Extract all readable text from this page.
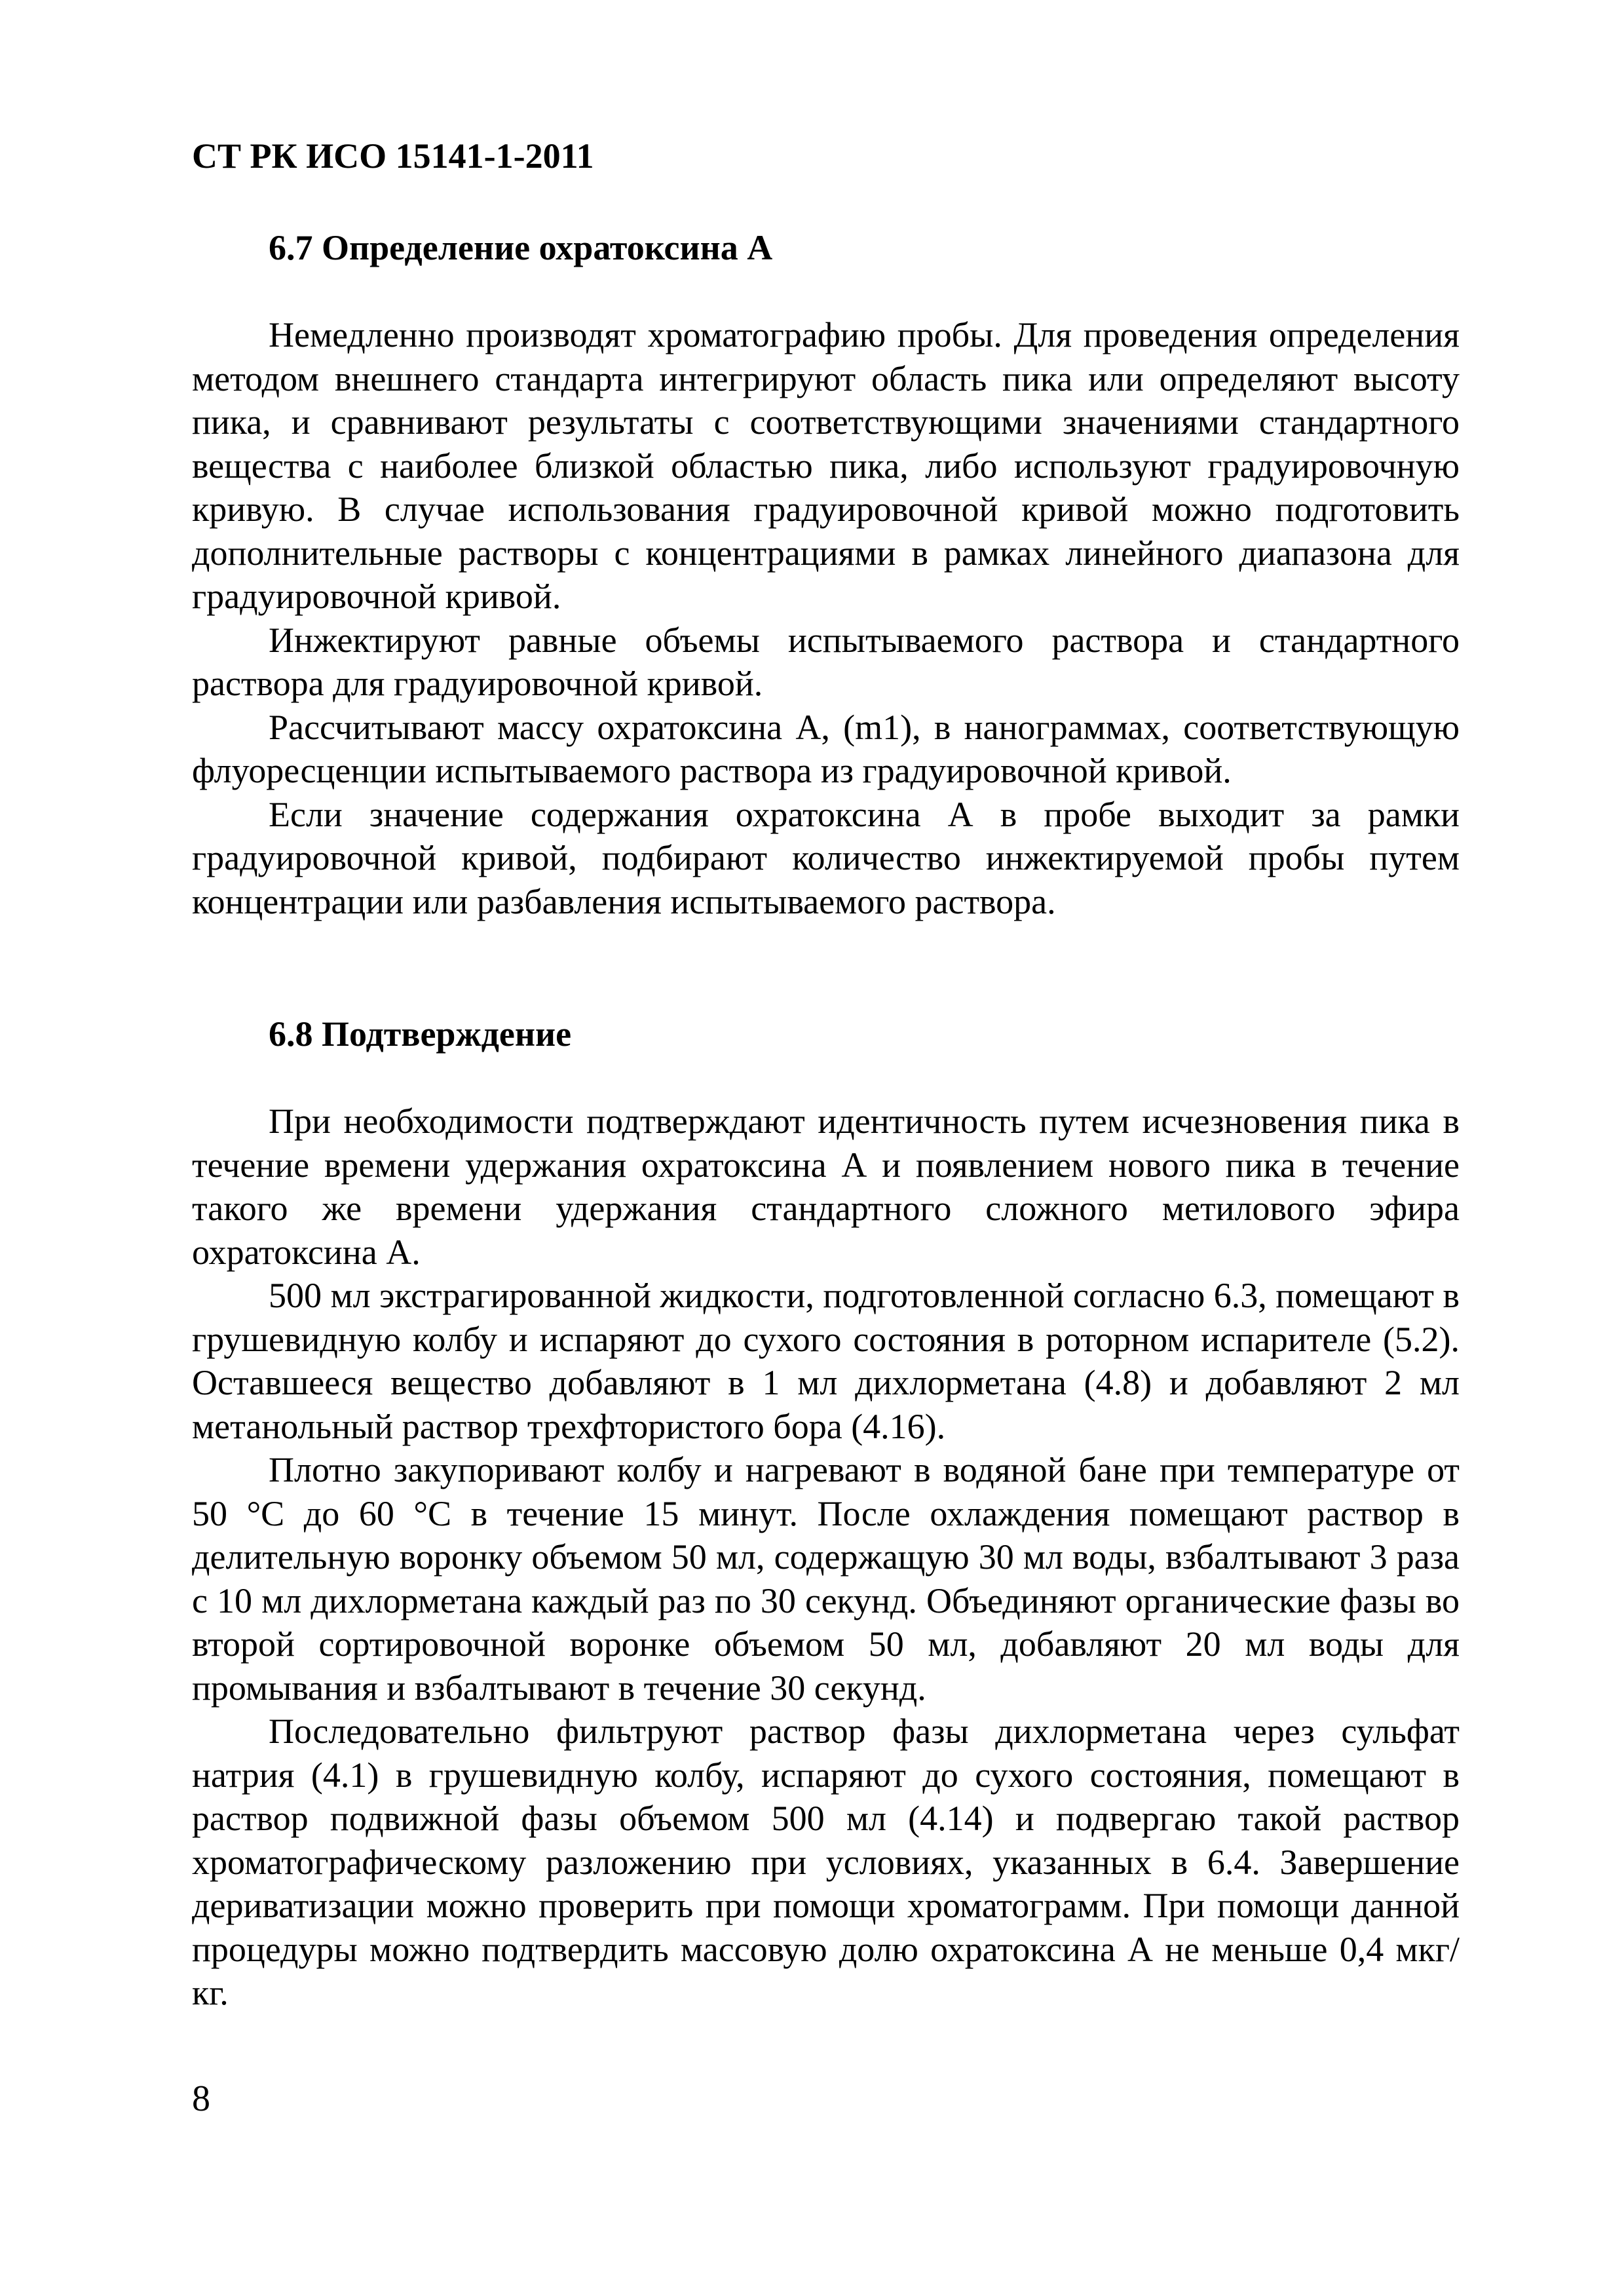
СТ РК ИСО 15141-1-2011
6.7 Определение охратоксина А

Немедленно производят хроматографию пробы. Для проведения определения методом внешнего стандарта интегрируют область пика или определяют высоту пика, и сравнивают результаты с соответствующими значениями стандартного вещества с наиболее близкой областью пика, либо используют градуировочную кривую. В случае использования градуировочной кривой можно подготовить дополнительные растворы с концентрациями в рамках линейного диапазона для градуировочной кривой.

Инжектируют равные объемы испытываемого раствора и стандартного раствора для градуировочной кривой.

Рассчитывают массу охратоксина А, (m1), в нанограммах, соответствующую флуоресценции испытываемого раствора из градуировочной кривой.

Если значение содержания охратоксина А в пробе выходит за рамки градуировочной кривой, подбирают количество инжектируемой пробы путем концентрации или разбавления испытываемого раствора.

6.8 Подтверждение

При необходимости подтверждают идентичность путем исчезновения пика в течение времени удержания охратоксина А и появлением нового пика в течение такого же времени удержания стандартного сложного метилового эфира охратоксина А.

500 мл экстрагированной жидкости, подготовленной согласно 6.3, помещают в грушевидную колбу и испаряют до сухого состояния в роторном испарителе (5.2). Оставшееся вещество добавляют в 1 мл дихлорметана (4.8) и добавляют 2 мл метанольный раствор трехфтористого бора (4.16).

Плотно закупоривают колбу и нагревают в водяной бане при температуре от 50 °С до 60 °С в течение 15 минут. После охлаждения помещают раствор в делительную воронку объемом 50 мл, содержащую 30 мл воды, взбалтывают 3 раза с 10 мл дихлорметана каждый раз по 30 секунд. Объединяют органические фазы во второй сортировочной воронке объемом 50 мл, добавляют 20 мл воды для промывания и взбалтывают в течение 30 секунд.

Последовательно фильтруют раствор фазы дихлорметана через сульфат натрия (4.1) в грушевидную колбу, испаряют до сухого состояния, помещают в раствор подвижной фазы объемом 500 мл (4.14) и подвергаю такой раствор хроматографическому разложению при условиях, указанных в 6.4. Завершение дериватизации можно проверить при помощи хроматограмм. При помощи данной процедуры можно подтвердить массовую долю охратоксина А не меньше 0,4 мкг/кг.

8
